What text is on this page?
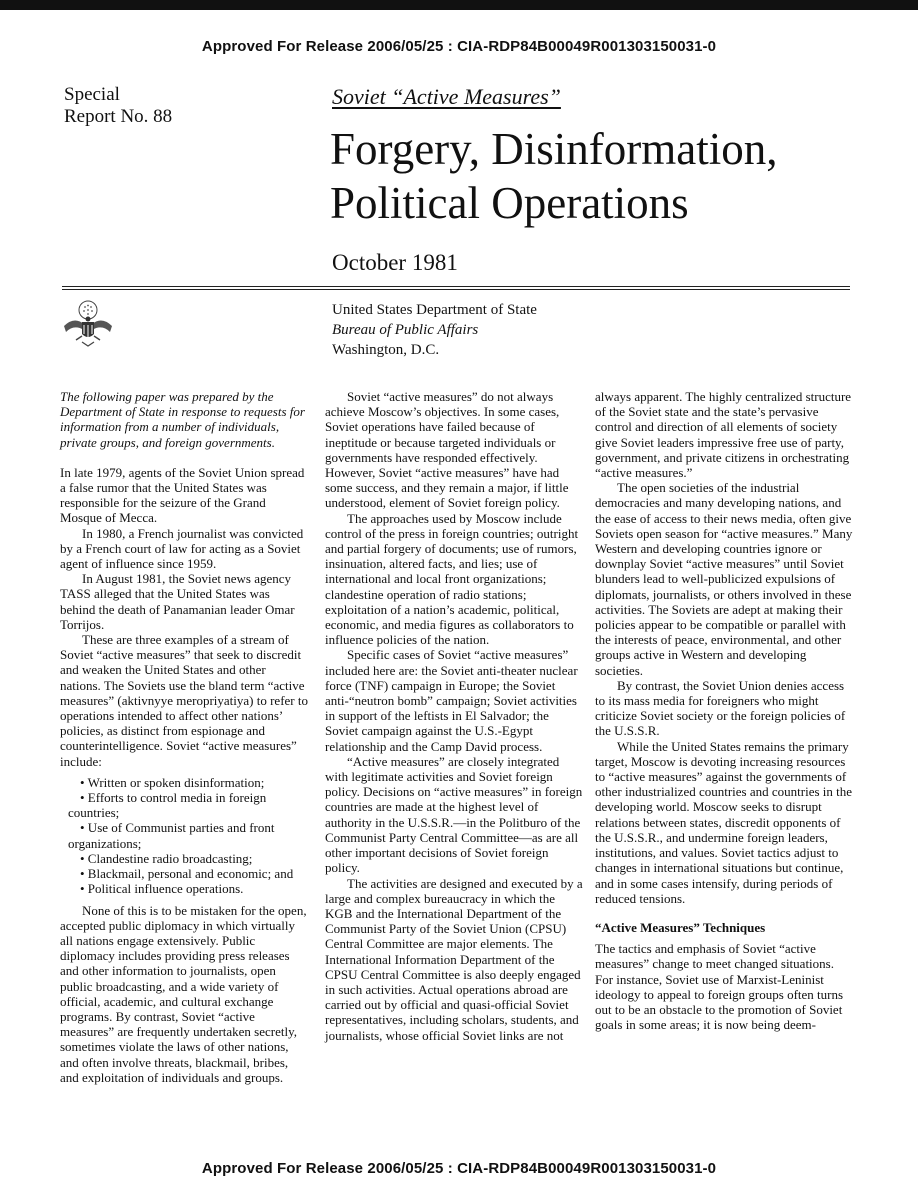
Approved For Release 2006/05/25 : CIA-RDP84B00049R001303150031-0
Special
Report No. 88
Soviet “Active Measures”
Forgery, Disinformation,
Political Operations
October 1981
United States Department of State
Bureau of Public Affairs
Washington, D.C.

The following paper was prepared by the Department of State in response to requests for information from a number of individuals, private groups, and foreign governments.

In late 1979, agents of the Soviet Union spread a false rumor that the United States was responsible for the seizure of the Grand Mosque of Mecca.

In 1980, a French journalist was convicted by a French court of law for acting as a Soviet agent of influence since 1959.

In August 1981, the Soviet news agency TASS alleged that the United States was behind the death of Panamanian leader Omar Torrijos.

These are three examples of a stream of Soviet “active measures” that seek to discredit and weaken the United States and other nations. The Soviets use the bland term “active measures” (aktivnyye meropriyatiya) to refer to operations intended to affect other nations’ policies, as distinct from espionage and counterintelligence. Soviet “active measures” include:

• Written or spoken disinformation;

• Efforts to control media in foreign countries;

• Use of Communist parties and front organizations;

• Clandestine radio broadcasting;

• Blackmail, personal and economic; and

• Political influence operations.

None of this is to be mistaken for the open, accepted public diplomacy in which virtually all nations engage extensively. Public diplomacy includes providing press releases and other information to journalists, open public broadcasting, and a wide variety of official, academic, and cultural exchange programs. By contrast, Soviet “active measures” are frequently undertaken secretly, sometimes violate the laws of other nations, and often involve threats, blackmail, bribes, and exploitation of individuals and groups.

Soviet “active measures” do not always achieve Moscow’s objectives. In some cases, Soviet operations have failed because of ineptitude or because targeted individuals or governments have responded effectively. However, Soviet “active measures” have had some success, and they remain a major, if little understood, element of Soviet foreign policy.

The approaches used by Moscow include control of the press in foreign countries; outright and partial forgery of documents; use of rumors, insinuation, altered facts, and lies; use of international and local front organizations; clandestine operation of radio stations; exploitation of a nation’s academic, political, economic, and media figures as collaborators to influence policies of the nation.

Specific cases of Soviet “active measures” included here are: the Soviet anti-theater nuclear force (TNF) campaign in Europe; the Soviet anti-“neutron bomb” campaign; Soviet activities in support of the leftists in El Salvador; the Soviet campaign against the U.S.-Egypt relationship and the Camp David process.

“Active measures” are closely integrated with legitimate activities and Soviet foreign policy. Decisions on “active measures” in foreign countries are made at the highest level of authority in the U.S.S.R.—in the Politburo of the Communist Party Central Committee—as are all other important decisions of Soviet foreign policy.

The activities are designed and executed by a large and complex bureaucracy in which the KGB and the International Department of the Communist Party of the Soviet Union (CPSU) Central Committee are major elements. The International Information Department of the CPSU Central Committee is also deeply engaged in such activities. Actual operations abroad are carried out by official and quasi-official Soviet representatives, including scholars, students, and journalists, whose official Soviet links are not

always apparent. The highly centralized structure of the Soviet state and the state’s pervasive control and direction of all elements of society give Soviet leaders impressive free use of party, government, and private citizens in orchestrating “active measures.”

The open societies of the industrial democracies and many developing nations, and the ease of access to their news media, often give Soviets open season for “active measures.” Many Western and developing countries ignore or downplay Soviet “active measures” until Soviet blunders lead to well-publicized expulsions of diplomats, journalists, or others involved in these activities. The Soviets are adept at making their policies appear to be compatible or parallel with the interests of peace, environmental, and other groups active in Western and developing societies.

By contrast, the Soviet Union denies access to its mass media for foreigners who might criticize Soviet society or the foreign policies of the U.S.S.R.

While the United States remains the primary target, Moscow is devoting increasing resources to “active measures” against the governments of other industrialized countries and countries in the developing world. Moscow seeks to disrupt relations between states, discredit opponents of the U.S.S.R., and undermine foreign leaders, institutions, and values. Soviet tactics adjust to changes in international situations but continue, and in some cases intensify, during periods of reduced tensions.

“Active Measures” Techniques

The tactics and emphasis of Soviet “active measures” change to meet changed situations. For instance, Soviet use of Marxist-Leninist ideology to appeal to foreign groups often turns out to be an obstacle to the promotion of Soviet goals in some areas; it is now being deem-

Approved For Release 2006/05/25 : CIA-RDP84B00049R001303150031-0
